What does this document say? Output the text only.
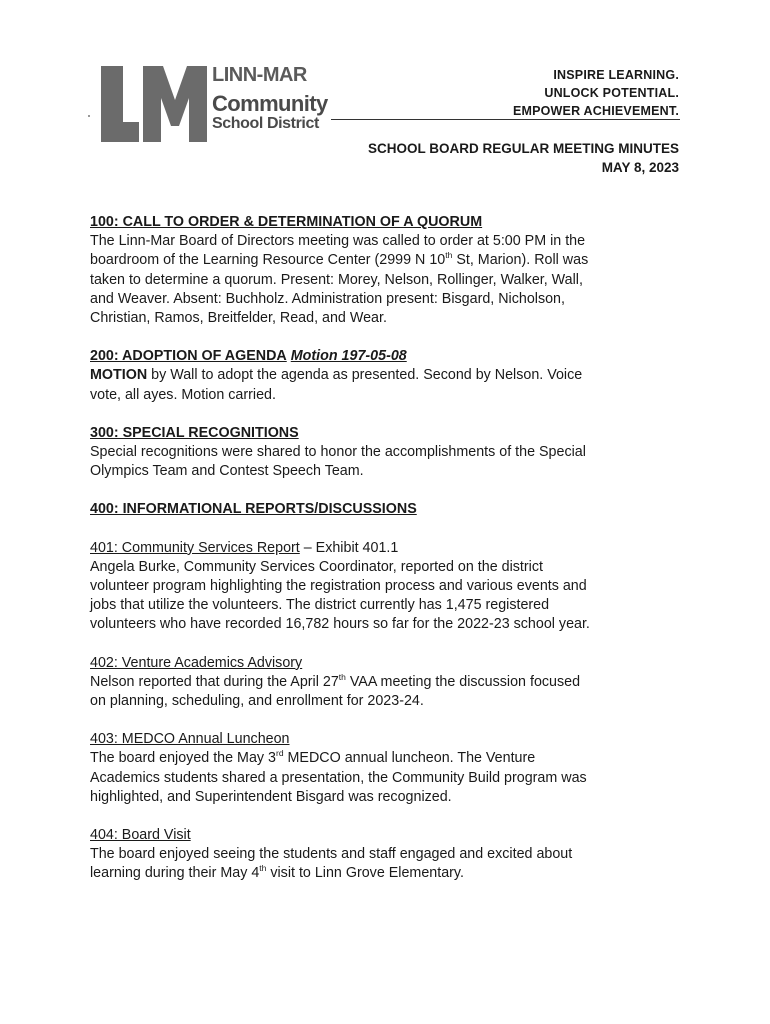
LINN-MAR
Community
School District
INSPIRE LEARNING.
UNLOCK POTENTIAL.
EMPOWER ACHIEVEMENT.
SCHOOL BOARD REGULAR MEETING MINUTES
MAY 8, 2023

100: CALL TO ORDER & DETERMINATION OF A QUORUM

The Linn-Mar Board of Directors meeting was called to order at 5:00 PM in the

boardroom of the Learning Resource Center (2999 N 10th St, Marion). Roll was

taken to determine a quorum. Present: Morey, Nelson, Rollinger, Walker, Wall,

and Weaver. Absent: Buchholz. Administration present: Bisgard, Nicholson,

Christian, Ramos, Breitfelder, Read, and Wear.

200: ADOPTION OF AGENDA Motion 197-05-08

MOTION by Wall to adopt the agenda as presented. Second by Nelson. Voice

vote, all ayes. Motion carried.

300: SPECIAL RECOGNITIONS

Special recognitions were shared to honor the accomplishments of the Special

Olympics Team and Contest Speech Team.

400: INFORMATIONAL REPORTS/DISCUSSIONS

401: Community Services Report – Exhibit 401.1

Angela Burke, Community Services Coordinator, reported on the district

volunteer program highlighting the registration process and various events and

jobs that utilize the volunteers. The district currently has 1,475 registered

volunteers who have recorded 16,782 hours so far for the 2022-23 school year.

402: Venture Academics Advisory

Nelson reported that during the April 27th VAA meeting the discussion focused

on planning, scheduling, and enrollment for 2023-24.

403: MEDCO Annual Luncheon

The board enjoyed the May 3rd MEDCO annual luncheon. The Venture

Academics students shared a presentation, the Community Build program was

highlighted, and Superintendent Bisgard was recognized.

404: Board Visit

The board enjoyed seeing the students and staff engaged and excited about

learning during their May 4th visit to Linn Grove Elementary.
